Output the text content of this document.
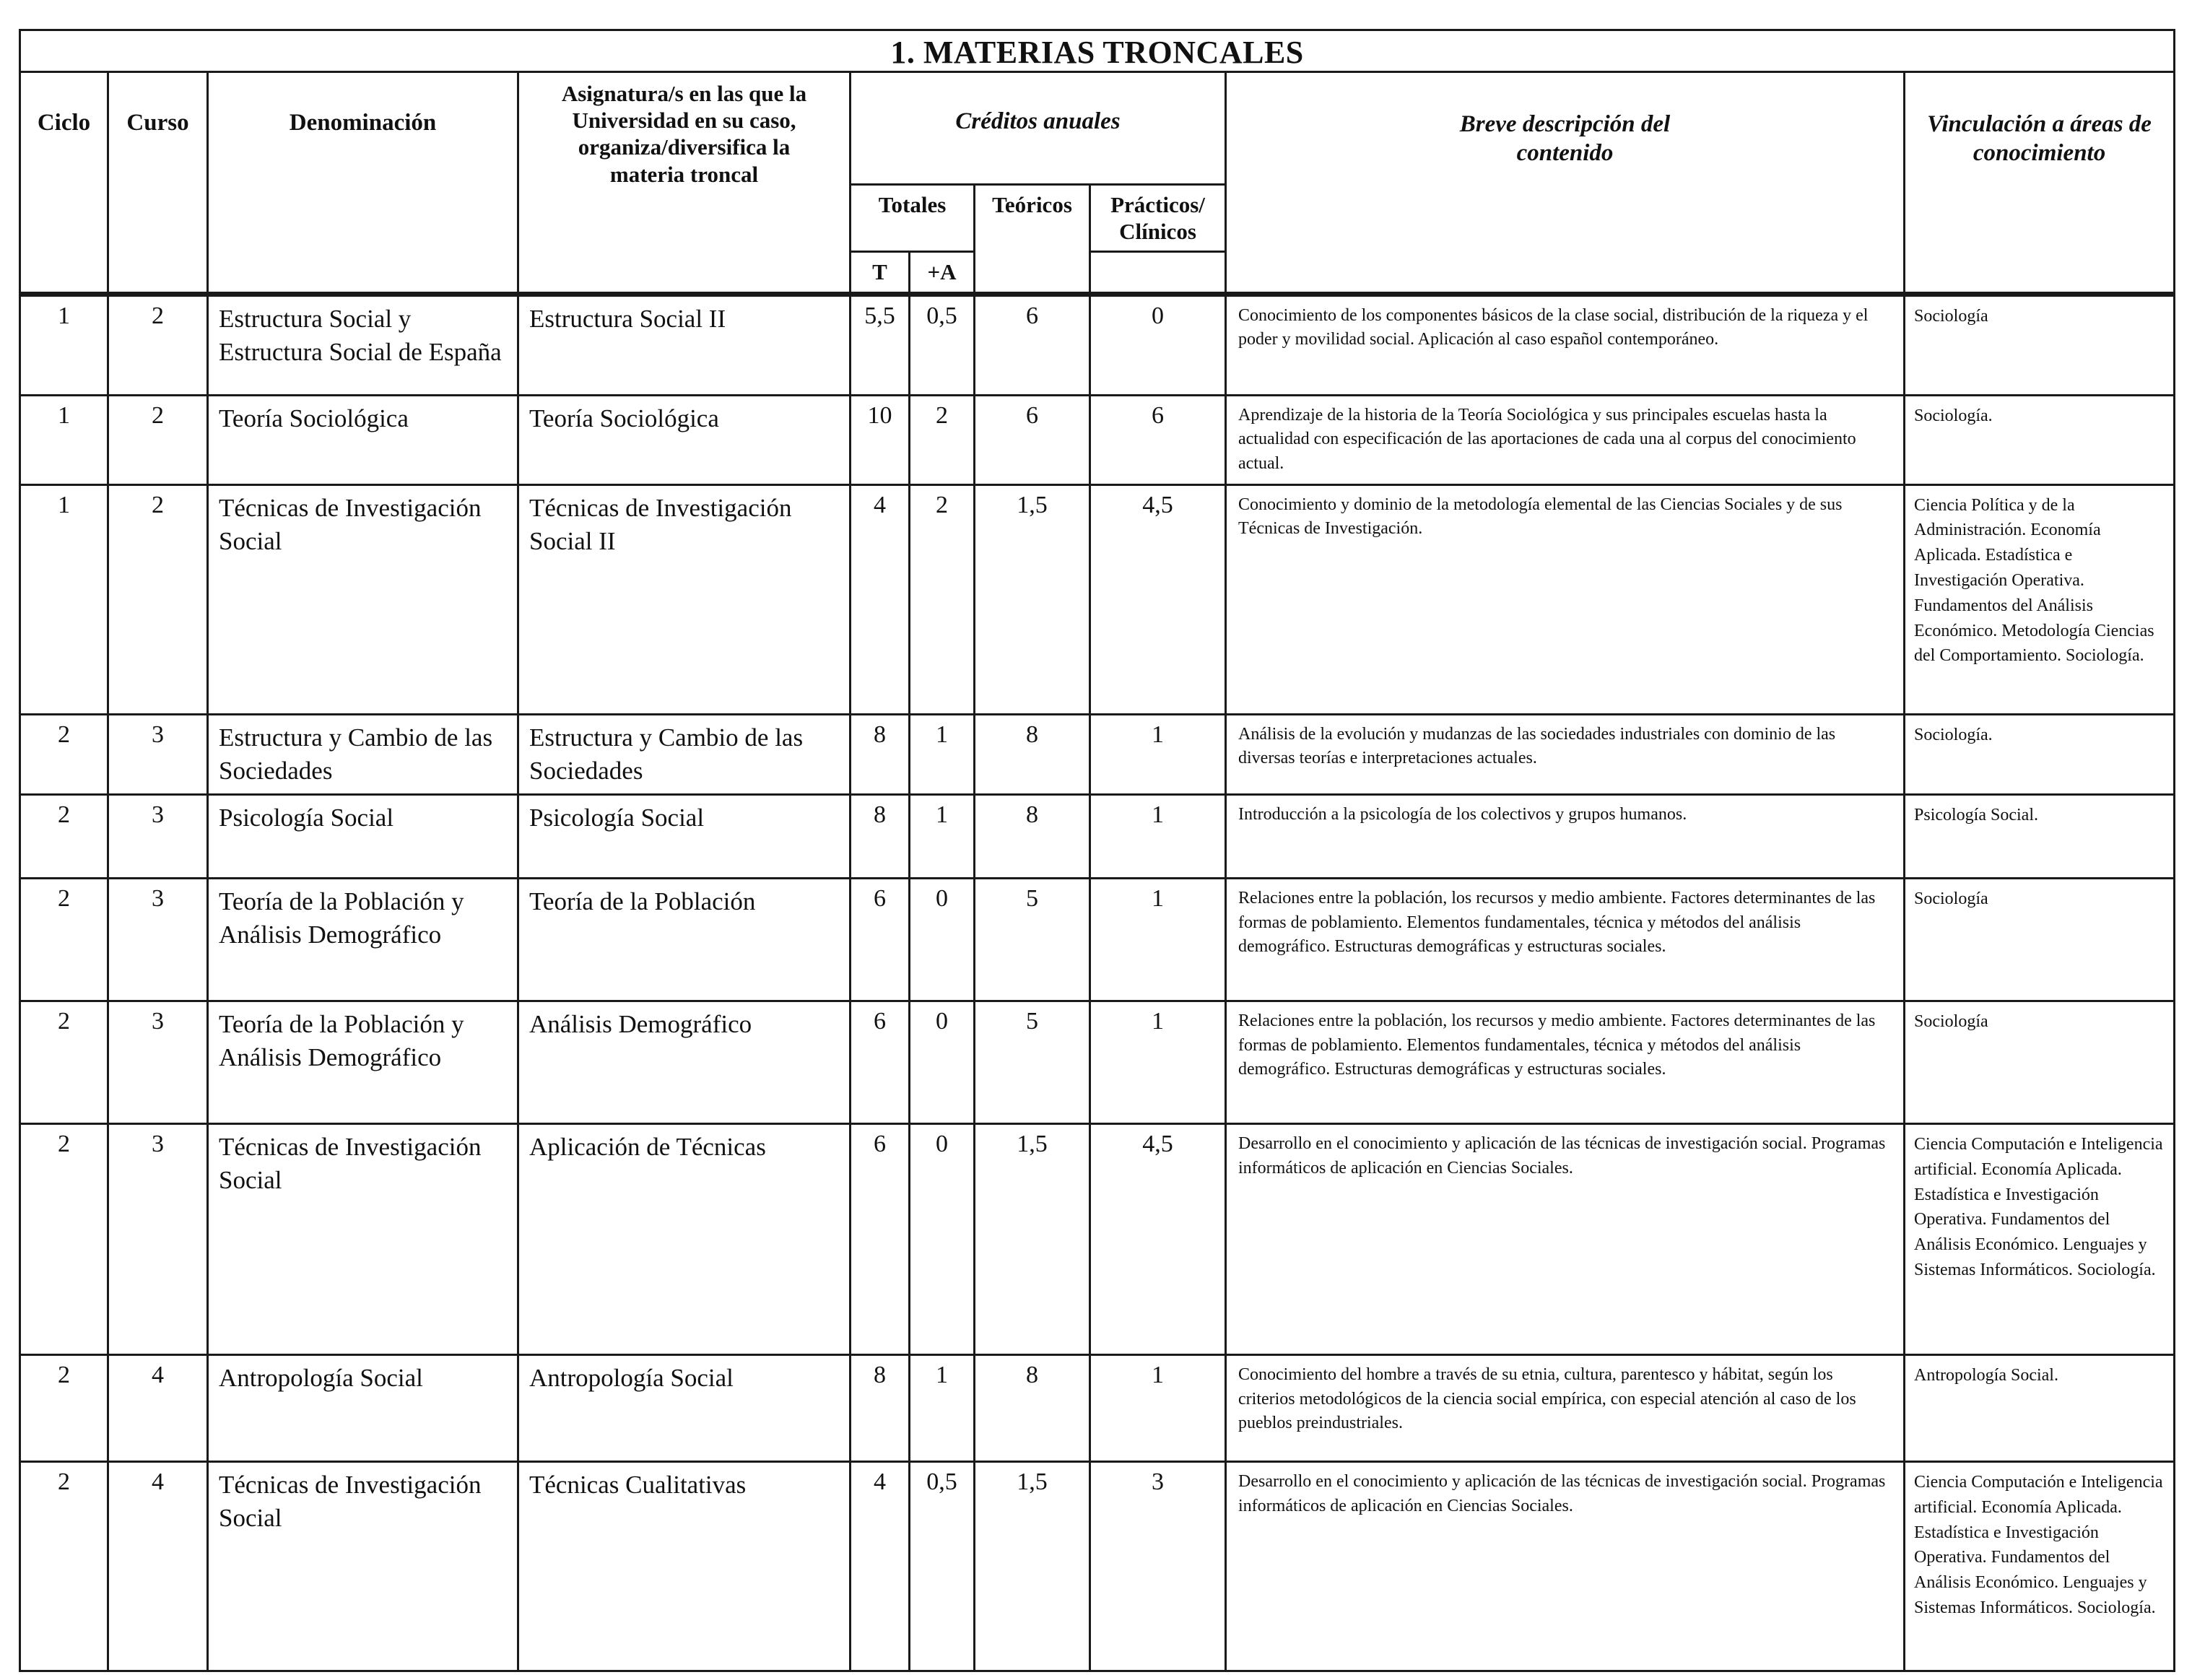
1. MATERIAS TRONCALES									
Ciclo	Curso	Denominación	Asignatura/s en las que la Universidad en su caso, organiza/diversifica la materia troncal	Créditos anuales				Breve descripción del contenido	Vinculación a áreas de conocimiento
				Totales		Teóricos	Prácticos/ Clínicos		
				T	+A				
1	2	Estructura Social y Estructura Social de España	Estructura Social II	5,5	0,5	6	0	Conocimiento de los componentes básicos de la clase social, distribución de la riqueza y el poder y movilidad social. Aplicación al caso español contemporáneo.	Sociología
1	2	Teoría Sociológica	Teoría Sociológica	10	2	6	6	Aprendizaje de la historia de la Teoría Sociológica y sus principales escuelas hasta la actualidad con especificación de las aportaciones de cada una al corpus del conocimiento actual.	Sociología.
1	2	Técnicas de Investigación Social	Técnicas de Investigación Social II	4	2	1,5	4,5	Conocimiento y dominio de la metodología elemental de las Ciencias Sociales y de sus Técnicas de Investigación.	Ciencia Política y de la Administración. Economía Aplicada. Estadística e Investigación Operativa. Fundamentos del Análisis Económico. Metodología Ciencias del Comportamiento. Sociología.
2	3	Estructura y Cambio de las Sociedades	Estructura y Cambio de las Sociedades	8	1	8	1	Análisis de la evolución y mudanzas de las sociedades industriales con dominio de las diversas teorías e interpretaciones actuales.	Sociología.
2	3	Psicología Social	Psicología Social	8	1	8	1	Introducción a la psicología de los colectivos y grupos humanos.	Psicología Social.
2	3	Teoría de la Población y Análisis Demográfico	Teoría de la Población	6	0	5	1	Relaciones entre la población, los recursos y medio ambiente. Factores determinantes de las formas de poblamiento. Elementos fundamentales, técnica y métodos del análisis demográfico. Estructuras demográficas y estructuras sociales.	Sociología
2	3	Teoría de la Población y Análisis Demográfico	Análisis Demográfico	6	0	5	1	Relaciones entre la población, los recursos y medio ambiente. Factores determinantes de las formas de poblamiento. Elementos fundamentales, técnica y métodos del análisis demográfico. Estructuras demográficas y estructuras sociales.	Sociología
2	3	Técnicas de Investigación Social	Aplicación de Técnicas	6	0	1,5	4,5	Desarrollo en el conocimiento y aplicación de las técnicas de investigación social. Programas informáticos de aplicación en Ciencias Sociales.	Ciencia Computación e Inteligencia artificial. Economía Aplicada. Estadística e Investigación Operativa. Fundamentos del Análisis Económico. Lenguajes y Sistemas Informáticos. Sociología.
2	4	Antropología Social	Antropología Social	8	1	8	1	Conocimiento del hombre a través de su etnia, cultura, parentesco y hábitat, según los criterios metodológicos de la ciencia social empírica, con especial atención al caso de los pueblos preindustriales.	Antropología Social.
2	4	Técnicas de Investigación Social	Técnicas Cualitativas	4	0,5	1,5	3	Desarrollo en el conocimiento y aplicación de las técnicas de investigación social. Programas informáticos de aplicación en Ciencias Sociales.	Ciencia Computación e Inteligencia artificial. Economía Aplicada. Estadística e Investigación Operativa. Fundamentos del Análisis Económico. Lenguajes y Sistemas Informáticos. Sociología.
